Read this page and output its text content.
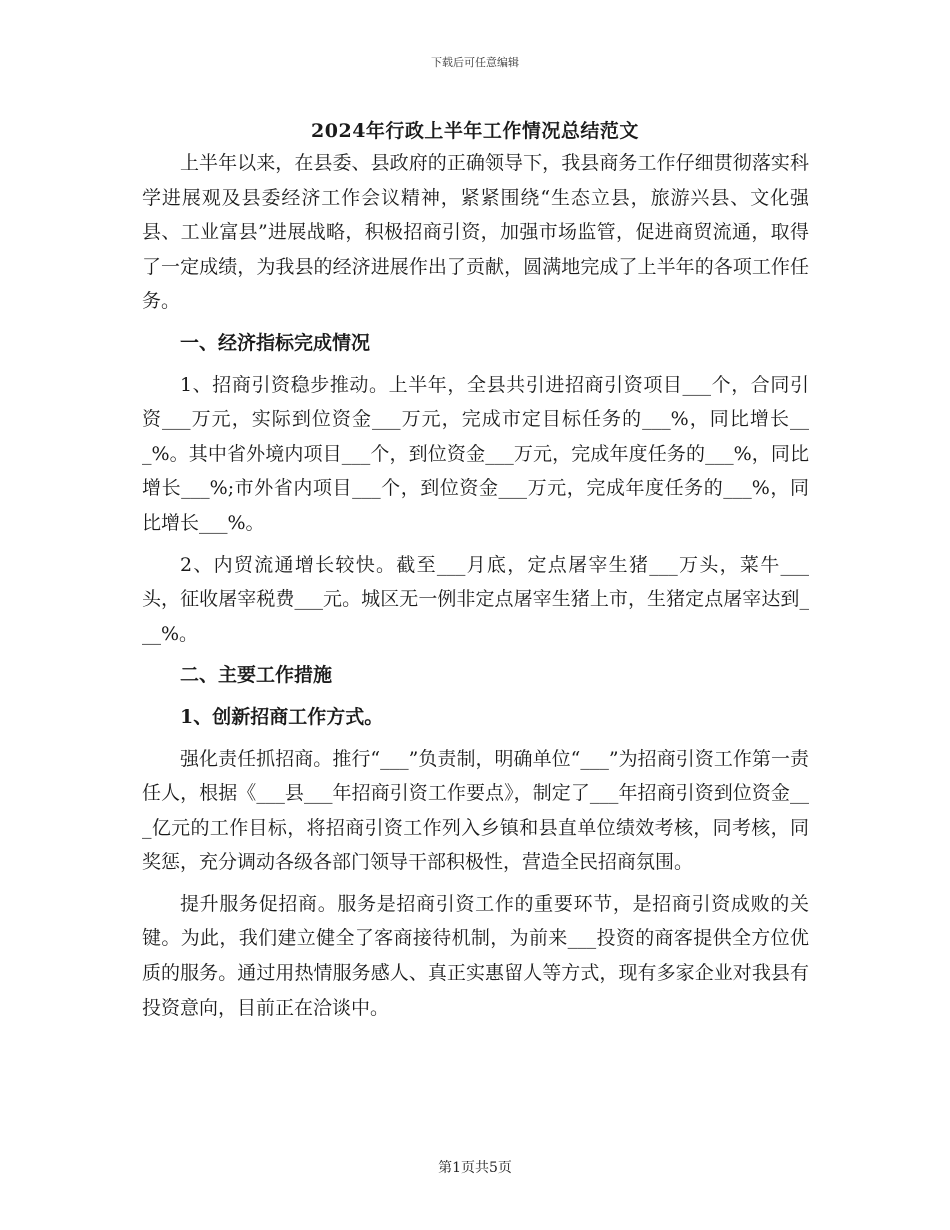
下载后可任意编辑
2024年行政上半年工作情况总结范文

上半年以来，在县委、县政府的正确领导下，我县商务工作仔细贯彻落实科学进展观及县委经济工作会议精神，紧紧围绕“生态立县，旅游兴县、文化强县、工业富县”进展战略，积极招商引资，加强市场监管，促进商贸流通，取得了一定成绩，为我县的经济进展作出了贡献，圆满地完成了上半年的各项工作任务。

一、经济指标完成情况

1、招商引资稳步推动。上半年，全县共引进招商引资项目___个，合同引资___万元，实际到位资金___万元，完成市定目标任务的___%，同比增长___%。其中省外境内项目___个，到位资金___万元，完成年度任务的___%，同比增长___%;市外省内项目___个，到位资金___万元，完成年度任务的___%，同比增长___%。

2、内贸流通增长较快。截至___月底，定点屠宰生猪___万头，菜牛___头，征收屠宰税费___元。城区无一例非定点屠宰生猪上市，生猪定点屠宰达到___%。

二、主要工作措施

1、创新招商工作方式。

强化责任抓招商。推行“___”负责制，明确单位“___”为招商引资工作第一责任人，根据《___县___年招商引资工作要点》，制定了___年招商引资到位资金___亿元的工作目标，将招商引资工作列入乡镇和县直单位绩效考核，同考核，同奖惩，充分调动各级各部门领导干部积极性，营造全民招商氛围。

提升服务促招商。服务是招商引资工作的重要环节，是招商引资成败的关键。为此，我们建立健全了客商接待机制，为前来___投资的商客提供全方位优质的服务。通过用热情服务感人、真正实惠留人等方式，现有多家企业对我县有投资意向，目前正在洽谈中。

第1页共5页
